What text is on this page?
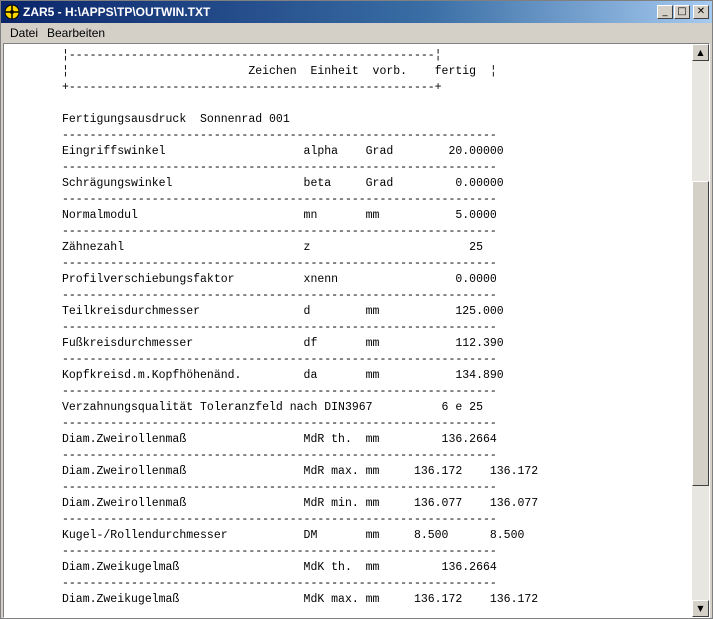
ZAR5 - H:\APPS\TP\OUTWIN.TXT	_ □	✕
Datei Bearbeiten
¦-----------------------------------------------------¦
¦                          Zeichen  Einheit  vorb.    fertig  ¦
+-----------------------------------------------------+

Fertigungsausdruck  Sonnenrad 001
---------------------------------------------------------------
Eingriffswinkel                    alpha    Grad        20.00000
---------------------------------------------------------------
Schrägungswinkel                   beta     Grad         0.00000
---------------------------------------------------------------
Normalmodul                        mn       mm           5.0000
---------------------------------------------------------------
Zähnezahl                          z                       25
---------------------------------------------------------------
Profilverschiebungsfaktor          xnenn                 0.0000
---------------------------------------------------------------
Teilkreisdurchmesser               d        mm           125.000
---------------------------------------------------------------
Fußkreisdurchmesser                df       mm           112.390
---------------------------------------------------------------
Kopfkreisd.m.Kopfhöhenänd.         da       mm           134.890
---------------------------------------------------------------
Verzahnungsqualität Toleranzfeld nach DIN3967          6 e 25
---------------------------------------------------------------
Diam.Zweirollenmaß                 MdR th.  mm         136.2664
---------------------------------------------------------------
Diam.Zweirollenmaß                 MdR max. mm     136.172    136.172
---------------------------------------------------------------
Diam.Zweirollenmaß                 MdR min. mm     136.077    136.077
---------------------------------------------------------------
Kugel-/Rollendurchmesser           DM       mm     8.500      8.500
---------------------------------------------------------------
Diam.Zweikugelmaß                  MdK th.  mm         136.2664
---------------------------------------------------------------
Diam.Zweikugelmaß                  MdK max. mm     136.172    136.172
▲
▼
